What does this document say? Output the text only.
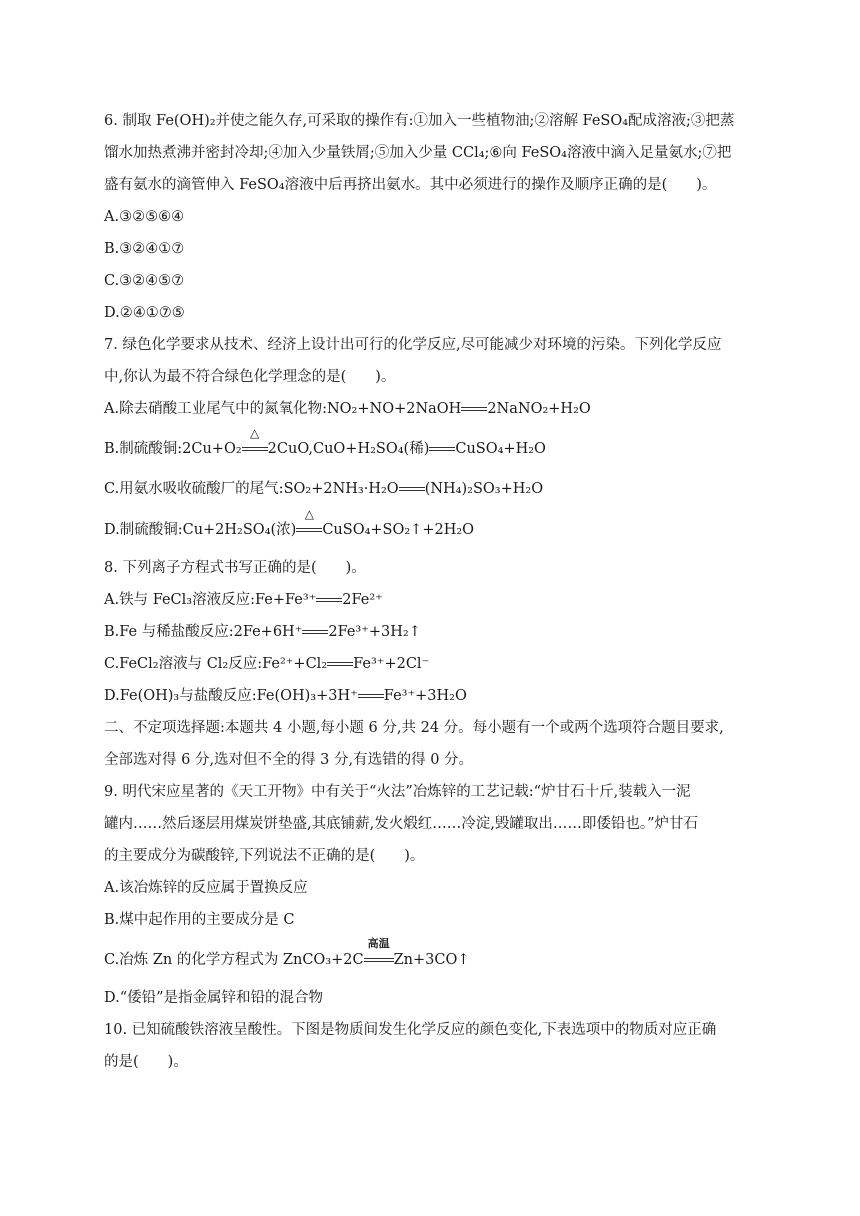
6. 制取 Fe(OH)₂并使之能久存,可采取的操作有:①加入一些植物油;②溶解 FeSO₄配成溶液;③把蒸
馏水加热煮沸并密封冷却;④加入少量铁屑;⑤加入少量 CCl₄;⑥向 FeSO₄溶液中滴入足量氨水;⑦把
盛有氨水的滴管伸入 FeSO₄溶液中后再挤出氨水。其中必须进行的操作及顺序正确的是(　　)。
A.③②⑤⑥④
B.③②④①⑦
C.③②④⑤⑦
D.②④①⑦⑤
7. 绿色化学要求从技术、经济上设计出可行的化学反应,尽可能减少对环境的污染。下列化学反应
中,你认为最不符合绿色化学理念的是(　　)。
A.除去硝酸工业尾气中的氮氧化物:NO₂+NO+2NaOH 2NaNO₂+H₂O
B.制硫酸铜:2Cu+O₂
△
2CuO,CuO+H₂SO₄(稀) CuSO₄+H₂O
C.用氨水吸收硫酸厂的尾气:SO₂+2NH₃·H₂O (NH₄)₂SO₃+H₂O
D.制硫酸铜:Cu+2H₂SO₄(浓)
△
CuSO₄+SO₂↑+2H₂O
8. 下列离子方程式书写正确的是(　　)。
A.铁与 FeCl₃溶液反应:Fe+Fe³⁺ 2Fe²⁺
B.Fe 与稀盐酸反应:2Fe+6H⁺ 2Fe³⁺+3H₂↑
C.FeCl₂溶液与 Cl₂反应:Fe²⁺+Cl₂ Fe³⁺+2Cl⁻
D.Fe(OH)₃与盐酸反应:Fe(OH)₃+3H⁺ Fe³⁺+3H₂O
二、不定项选择题:本题共 4 小题,每小题 6 分,共 24 分。每小题有一个或两个选项符合题目要求,
全部选对得 6 分,选对但不全的得 3 分,有选错的得 0 分。
9. 明代宋应星著的《天工开物》中有关于“火法”冶炼锌的工艺记载:“炉甘石十斤,装载入一泥
罐内……然后逐层用煤炭饼垫盛,其底铺薪,发火煅红……冷淀,毁罐取出……即倭铅也。”炉甘石
的主要成分为碳酸锌,下列说法不正确的是(　　)。
A.该冶炼锌的反应属于置换反应
B.煤中起作用的主要成分是 C
C.冶炼 Zn 的化学方程式为 ZnCO₃+2C
高温
Zn+3CO↑
D.“倭铅”是指金属锌和铅的混合物
10. 已知硫酸铁溶液呈酸性。下图是物质间发生化学反应的颜色变化,下表选项中的物质对应正确
的是(　　)。
